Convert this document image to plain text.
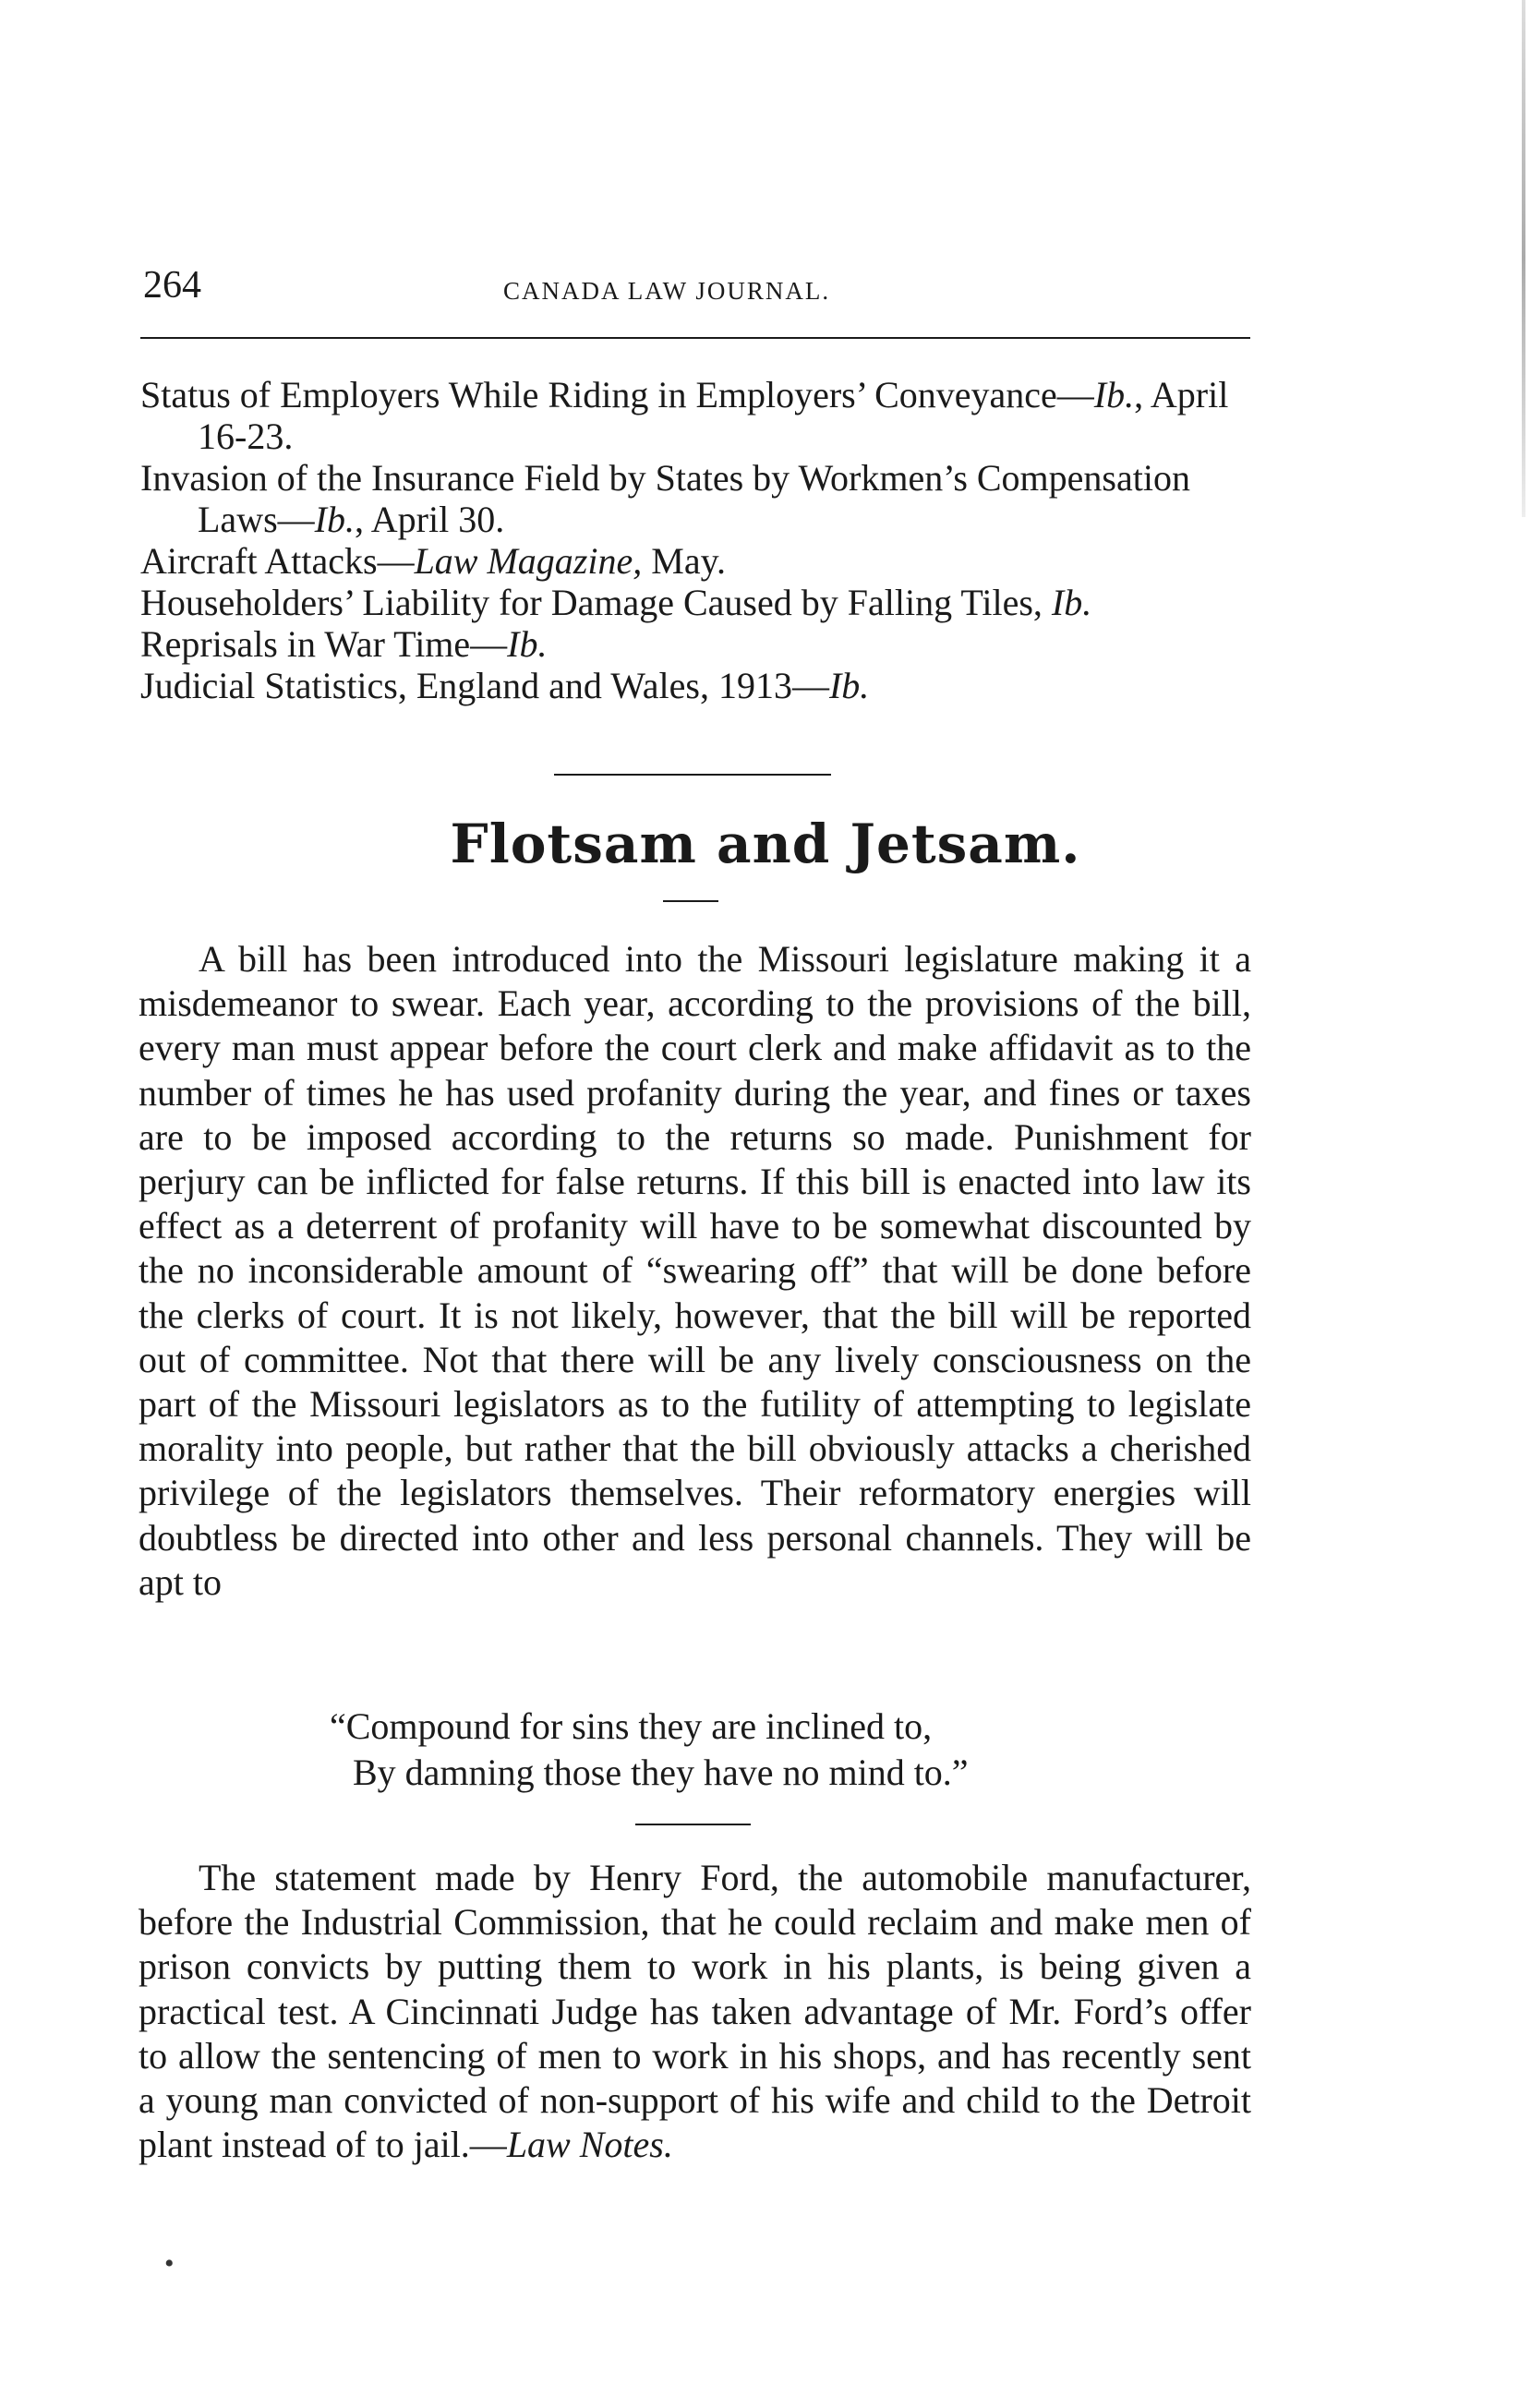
264	CANADA LAW JOURNAL.

Status of Employers While Riding in Employers’ Conveyance—Ib., April 16-23.

Invasion of the Insurance Field by States by Workmen’s Compensation Laws—Ib., April 30.

Aircraft Attacks—Law Magazine, May.

Householders’ Liability for Damage Caused by Falling Tiles, Ib.

Reprisals in War Time—Ib.

Judicial Statistics, England and Wales, 1913—Ib.

Flotsam and Jetsam.

A bill has been introduced into the Missouri legislature making it a misdemeanor to swear. Each year, according to the provisions of the bill, every man must appear before the court clerk and make affidavit as to the number of times he has used profanity during the year, and fines or taxes are to be imposed according to the returns so made. Punishment for perjury can be inflicted for false returns. If this bill is enacted into law its effect as a deterrent of profanity will have to be somewhat discounted by the no inconsiderable amount of “swearing off” that will be done before the clerks of court. It is not likely, however, that the bill will be reported out of committee. Not that there will be any lively consciousness on the part of the Missouri legislators as to the futility of attempting to legislate morality into people, but rather that the bill obviously attacks a cherished privilege of the legislators themselves. Their reformatory energies will doubtless be directed into other and less personal channels. They will be apt to

“Compound for sins they are inclined to,

By damning those they have no mind to.”

The statement made by Henry Ford, the automobile manufacturer, before the Industrial Commission, that he could reclaim and make men of prison convicts by putting them to work in his plants, is being given a practical test. A Cincinnati Judge has taken advantage of Mr. Ford’s offer to allow the sentencing of men to work in his shops, and has recently sent a young man convicted of non-support of his wife and child to the Detroit plant instead of to jail.—Law Notes.

•
